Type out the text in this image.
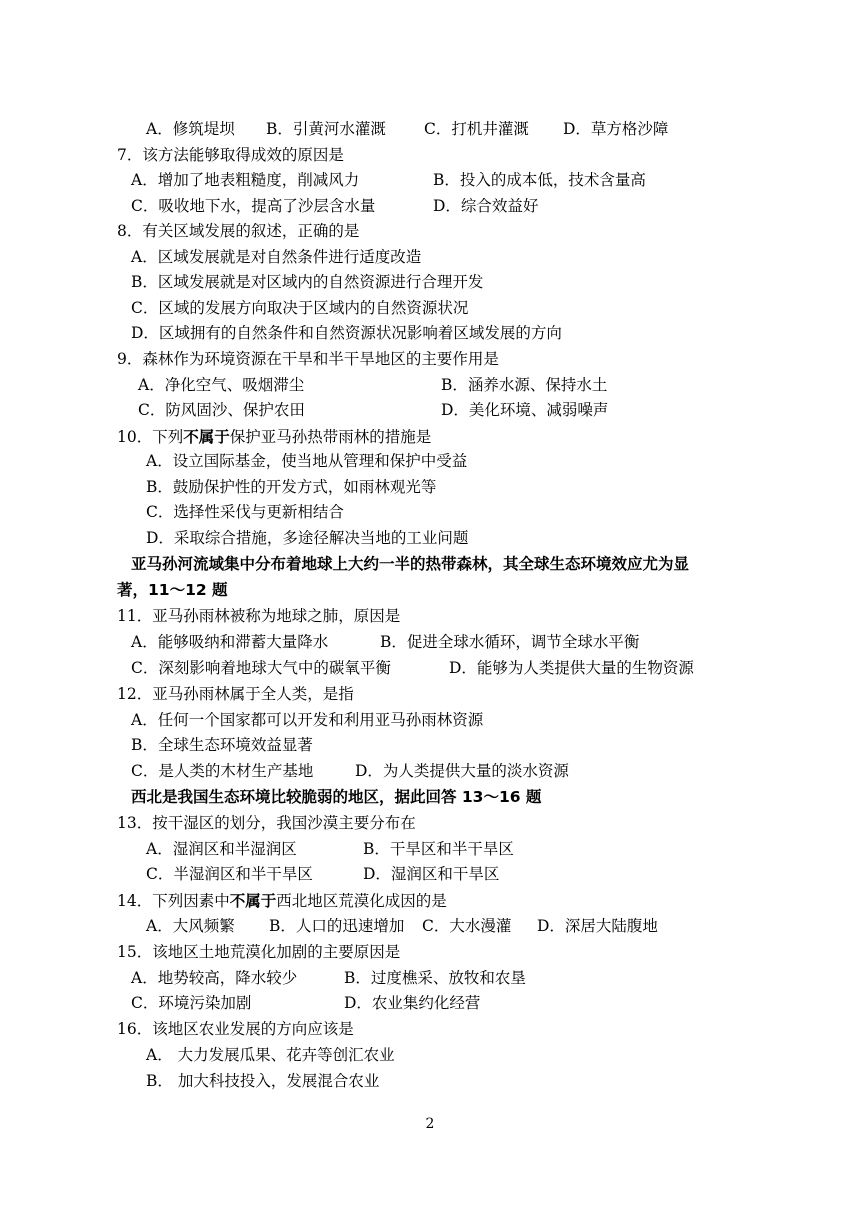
A．修筑堤坝 B．引黄河水灌溉 C．打机井灌溉 D．草方格沙障
7．该方法能够取得成效的原因是
A．增加了地表粗糙度，削减风力	B．投入的成本低，技术含量高
C．吸收地下水，提高了沙层含水量	D．综合效益好
8．有关区域发展的叙述，正确的是
A．区域发展就是对自然条件进行适度改造
B．区域发展就是对区域内的自然资源进行合理开发
C．区域的发展方向取决于区域内的自然资源状况
D．区域拥有的自然条件和自然资源状况影响着区域发展的方向
9．森林作为环境资源在干旱和半干旱地区的主要作用是
A．净化空气、吸烟滞尘	B．涵养水源、保持水土
C．防风固沙、保护农田	D．美化环境、减弱噪声
10．下列不属于保护亚马孙热带雨林的措施是
A．设立国际基金，使当地从管理和保护中受益
B．鼓励保护性的开发方式，如雨林观光等
C．选择性采伐与更新相结合
D．采取综合措施，多途径解决当地的工业问题
亚马孙河流域集中分布着地球上大约一半的热带森林，其全球生态环境效应尤为显
著，11～12 题
11．亚马孙雨林被称为地球之肺，原因是
A．能够吸纳和滞蓄大量降水	B．促进全球水循环，调节全球水平衡
C．深刻影响着地球大气中的碳氧平衡	D．能够为人类提供大量的生物资源
12．亚马孙雨林属于全人类，是指
A．任何一个国家都可以开发和利用亚马孙雨林资源
B．全球生态环境效益显著
C．是人类的木材生产基地	D．为人类提供大量的淡水资源
西北是我国生态环境比较脆弱的地区，据此回答 13～16 题
13．按干湿区的划分，我国沙漠主要分布在
A．湿润区和半湿润区	B．干旱区和半干旱区
C．半湿润区和半干旱区	D．湿润区和干旱区
14．下列因素中不属于西北地区荒漠化成因的是
A．大风频繁 B．人口的迅速增加 C．大水漫灌 D．深居大陆腹地
15．该地区土地荒漠化加剧的主要原因是
A．地势较高，降水较少	B．过度樵采、放牧和农垦
C．环境污染加剧	D．农业集约化经营
16．该地区农业发展的方向应该是
A． 大力发展瓜果、花卉等创汇农业
B． 加大科技投入，发展混合农业
2
